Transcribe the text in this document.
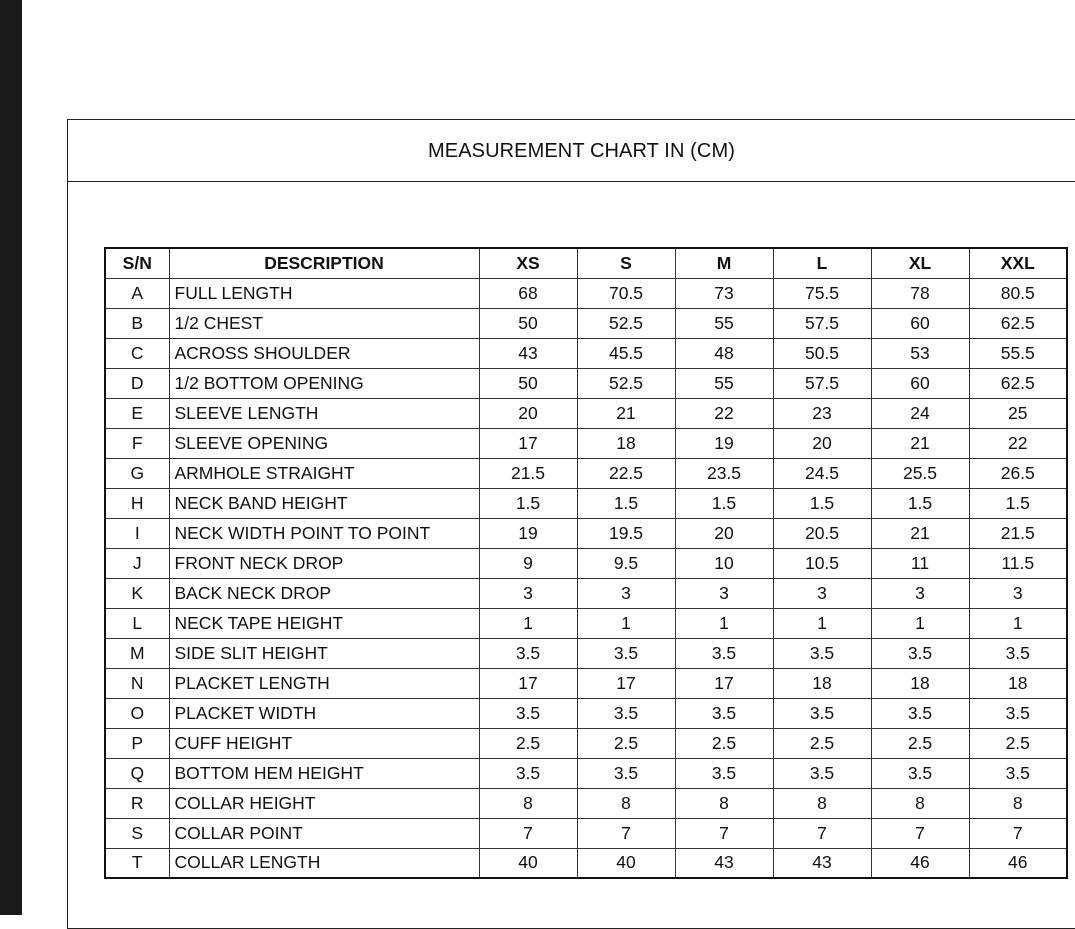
MEASUREMENT CHART IN (CM)
S/N	DESCRIPTION	XS	S	M	L	XL	XXL
A	FULL LENGTH	68	70.5	73	75.5	78	80.5
B	1/2 CHEST	50	52.5	55	57.5	60	62.5
C	ACROSS SHOULDER	43	45.5	48	50.5	53	55.5
D	1/2 BOTTOM OPENING	50	52.5	55	57.5	60	62.5
E	SLEEVE LENGTH	20	21	22	23	24	25
F	SLEEVE OPENING	17	18	19	20	21	22
G	ARMHOLE STRAIGHT	21.5	22.5	23.5	24.5	25.5	26.5
H	NECK BAND HEIGHT	1.5	1.5	1.5	1.5	1.5	1.5
I	NECK WIDTH POINT TO POINT	19	19.5	20	20.5	21	21.5
J	FRONT NECK DROP	9	9.5	10	10.5	11	11.5
K	BACK NECK DROP	3	3	3	3	3	3
L	NECK TAPE HEIGHT	1	1	1	1	1	1
M	SIDE SLIT HEIGHT	3.5	3.5	3.5	3.5	3.5	3.5
N	PLACKET LENGTH	17	17	17	18	18	18
O	PLACKET WIDTH	3.5	3.5	3.5	3.5	3.5	3.5
P	CUFF HEIGHT	2.5	2.5	2.5	2.5	2.5	2.5
Q	BOTTOM HEM HEIGHT	3.5	3.5	3.5	3.5	3.5	3.5
R	COLLAR HEIGHT	8	8	8	8	8	8
S	COLLAR POINT	7	7	7	7	7	7
T	COLLAR LENGTH	40	40	43	43	46	46
